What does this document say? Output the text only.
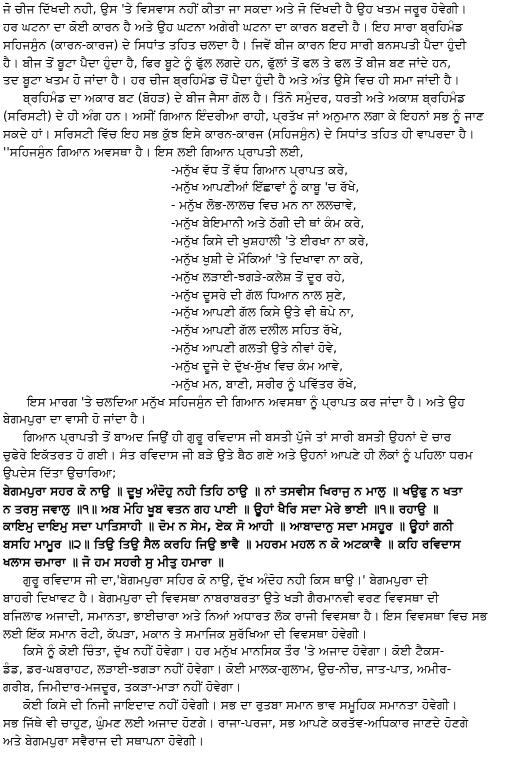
ਜੋ ਚੀਜ ਦਿੱਖਦੀ ਨਹੀ, ਉਸ 'ਤੇ ਵਿਸਵਾਸ ਨਹੀਂ ਕੀਤਾ ਜਾ ਸਕਦਾ ਅਤੇ ਜੋ ਦਿੱਖਦੀ ਹੈ ਉਹ ਖਤਮ ਜਰੂਰ ਹੋਵੇਗੀ।
ਹਰ ਘਟਨਾ ਦਾ ਕੋਈ ਕਾਰਨ ਹੈ ਅਤੇ ਉਹ ਘਟਨਾ ਅਗੇਰੀ ਘਟਨਾ ਦਾ ਕਾਰਨ ਬਣਦੀ ਹੈ। ਇਹ ਸਾਰਾ ਬ੍ਰਹਿਮੰਡ
ਸਹਿਜਸੁੰਨ (ਕਾਰਨ-ਕਾਰਜ) ਦੇ ਸਿਧਾਂਤ ਤਹਿਤ ਚਲਦਾ ਹੈ। ਜਿਵੇਂ ਬੀਜ ਕਾਰਨ ਇਹ ਸਾਰੀ ਬਨਸਪਤੀ ਪੈਦਾ ਹੁੰਦੀ
ਹੈ। ਬੀਜ ਤੋਂ ਬੂਟਾ ਪੈਦਾ ਹੁੰਦਾ ਹੈ, ਫਿਰ ਬੂਟੇ ਨੂੰ ਫੁੱਲ ਲਗਦੇ ਹਨ, ਫੁੱਲਾਂ ਤੋਂ ਫਲ ਤੇ ਫਲ ਤੋਂ ਬੀਜ ਬਣ ਜਾਂਦੇ ਹਨ,
ਤਦ ਬੂਟਾ ਖਤਮ ਹੋ ਜਾਂਦਾ ਹੈ। ਹਰ ਚੀਜ ਬ੍ਰਹਿਮੰਡ ਚੋਂ ਪੈਦਾ ਹੁੰਦੀ ਹੈ ਅਤੇ ਅੰਤ ਉਸੇ ਵਿਚ ਹੀ ਸਮਾ ਜਾਂਦੀ ਹੈ।
ਬ੍ਰਹਿਮੰਡ ਦਾ ਅਕਾਰ ਬਟ (ਬੋਹੜ) ਦੇ ਬੀਜ ਜੈਸਾ ਗੋਲ ਹੈ। ਤਿੰਨੋ ਸਮੁੰਦਰ, ਧਰਤੀ ਅਤੇ ਅਕਾਸ਼ ਬ੍ਰਹਿਮੰਡ
(ਸਰਿਸਟੀ) ਦੇ ਹੀ ਅੰਗ ਹਨ। ਅਸੀਂ ਗਿਆਨ ਇੰਦਰੀਆ ਰਾਹੀ, ਪ੍ਰਤੱਖ ਜਾਂ ਅਨੁਮਾਨ ਲਗਾ ਕੇ ਇਹਨਾਂ ਸਭ ਨੂੰ ਜਾਣ
ਸਕਦੇ ਹਾਂ। ਸਰਿਸਟੀ ਵਿੱਚ ਇਹ ਸਭ ਕੁੱਝ ਇਸੇ ਕਾਰਨ-ਕਾਰਜ (ਸਹਿਜਸੁੰਨ) ਦੇ ਸਿਧਾਂਤ ਤਹਿਤ ਹੀ ਵਾਪਰਦਾ ਹੈ।
''ਸਹਿਜਸੁੰਨ ਗਿਆਨ ਅਵਸਥਾ ਹੈ। ਇਸ ਲਈ ਗਿਆਨ ਪ੍ਰਾਪਤੀ ਲਈ,
-ਮਨੁੱਖ ਵੱਧ ਤੋਂ ਵੱਧ ਗਿਆਨ ਪ੍ਰਾਪਤ ਕਰੇ,
-ਮਨੁੱਖ ਆਪਣੀਆਂ ਇੱਛਾਵਾਂ ਨੂੰ ਕਾਬੂ 'ਚ ਰੱਖੇ,
- ਮਨੁੱਖ ਲੋਭ-ਲਾਲਚ ਵਿਚ ਮਨ ਨਾ ਲਲਚਾਵੇ,
-ਮਨੁੱਖ ਬੇਇਮਾਨੀ ਅਤੇ ਠੱਗੀ ਦੀ ਥਾਂ ਕੰਮ ਕਰੇ,
-ਮਨੁੱਖ ਕਿਸੇ ਦੀ ਖੁਸ਼ਹਾਲੀ 'ਤੇ ਈਰਖਾ ਨਾ ਕਰੇ,
-ਮਨੁੱਖ ਖੁਸ਼ੀ ਦੇ ਮੌਕਿਆਂ 'ਤੇ ਦਿਖਾਵਾ ਨਾ ਕਰੇ,
-ਮਨੁੱਖ ਲੜਾਈ-ਝਗੜੇ-ਕਲੇਸ਼ ਤੋਂ ਦੂਰ ਰਹੇ,
-ਮਨੁੱਖ ਦੂਸਰੇ ਦੀ ਗੱਲ ਧਿਆਨ ਨਾਲ ਸੁਣੇ,
-ਮਨੁੱਖ ਆਪਣੀ ਗੱਲ ਕਿਸੇ ਉਤੇ ਵੀ ਥੋਪੇ ਨਾ,
-ਮਨੁੱਖ ਆਪਣੀ ਗੱਲ ਦਲੀਲ ਸਹਿਤ ਰੱਖੇ,
-ਮਨੁੱਖ ਆਪਣੀ ਗਲਤੀ ਉਤੇ ਨੀਵਾਂ ਹੋਵੇ,
-ਮਨੁੱਖ ਦੂਜੇ ਦੇ ਦੁੱਖ-ਸੁੱਖ ਵਿਚ ਕੰਮ ਆਵੇ,
-ਮਨੁੱਖ ਮਨ, ਬਾਣੀ, ਸਰੀਰ ਨੂੰ ਪਵਿੱਤਰ ਰੱਖੇ,
ਇਸ ਮਾਰਗ 'ਤੇ ਚਲਦਿਆ ਮਨੁੱਖ ਸਹਿਜਸੁੰਨ ਦੀ ਗਿਆਨ ਅਵਸਥਾ ਨੂੰ ਪ੍ਰਾਪਤ ਕਰ ਜਾਂਦਾ ਹੈ। ਅਤੇ ਉਹ
ਬੇਗਮਪੁਰਾ ਦਾ ਵਾਸੀ ਹੋ ਜਾਂਦਾ ਹੈ।
ਗਿਆਨ ਪ੍ਰਾਪਤੀ ਤੋਂ ਬਾਅਦ ਜਿਉਂ ਹੀ ਗੁਰੂ ਰਵਿਦਾਸ ਜੀ ਬਸਤੀ ਪੁੱਜੇ ਤਾਂ ਸਾਰੀ ਬਸਤੀ ਉਹਨਾਂ ਦੇ ਚਾਰ
ਚੁਫੇਰੇ ਇਕੱਤਰਤ ਹੋ ਗਈ। ਸੰਤ ਰਵਿਦਾਸ ਜੀ ਬੜੇ ਉਤੇ ਬੈਠ ਗਏ ਅਤੇ ਉਹਨਾਂ ਆਪਣੇ ਹੀ ਲੋਕਾਂ ਨੂੰ ਪਹਿਲਾ ਧਰਮ
ਉਪਦੇਸ ਦਿੱਤਾ ਉਚਾਰਿਆ;
ਬੇਗਮਪੁਰਾ ਸਹਰ ਕੋ ਨਾਉ ॥ ਦੂਖੁ ਅੰਦੋਹੁ ਨਹੀ ਤਿਹਿ ਠਾਉ ॥ ਨਾਂ ਤਸਵੀਸ ਖਿਰਾਜੁ ਨ ਮਾਲੁ ॥ ਖਉਫੁ ਨ ਖਤਾ
ਨ ਤਰਸੁ ਜਵਾਲੁ ॥੧॥ ਅਬ ਮੋਹਿ ਖੂਬ ਵਤਨ ਗਹ ਪਾਈ ॥ ਊਹਾਂ ਖੈਰਿ ਸਦਾ ਮੇਰੇ ਭਾਈ ॥੧॥ ਰਹਾਉ ॥
ਕਾਇਮੁ ਦਾਇਮੁ ਸਦਾ ਪਾਤਿਸਾਹੀ ॥ ਦੋਮ ਨ ਸੇਮ, ਏਕ ਸੋ ਆਹੀ ॥ ਆਬਾਦਾਨੁ ਸਦਾ ਮਸਹੂਰ ॥ ਊਹਾਂ ਗਨੀ
ਬਸਹਿ ਮਾਮੂਰ ॥੨॥ ਤਿਉ ਤਿਉ ਸੈਲ ਕਰਹਿ ਜਿਉ ਭਾਵੈ ॥ ਮਹਰਮ ਮਹਲ ਨ ਕੋ ਅਟਕਾਵੈ ॥ ਕਹਿ ਰਵਿਦਾਸ
ਖਲਾਸ ਚਮਾਰਾ ॥ ਜੋ ਹਮ ਸਹਰੀ ਸੁ ਮੀਤੁ ਹਮਾਰਾ ॥
ਗੁਰੂ ਰਵਿਦਾਸ ਜੀ ਦਾ,'ਬੇਗਮਪੁਰਾ ਸਹਿਰ ਕੋ ਨਾਉ, ਦੁੱਖ ਅੰਦੋਹ ਨਹੀ ਕਿਸ ਥਾਉ।' ਬੇਗਮਪੁਰਾ ਦੀ
ਬਾਹਰੀ ਦਿਖਾਵਟ ਹੈ। ਬੇਗਮਪੁਰਾ ਦੀ ਵਿਵਸਥਾ ਨਾਬਰਾਬਰਤਾ ਉਤੇ ਖੜੀ ਗੈਰਮਾਨਵੀ ਵਰਣ ਵਿਵਸਥਾ ਦੀ
ਬਜਿਲਾਫ ਅਜਾਦੀ, ਸਮਾਨਤਾ, ਭਾਈਚਾਰਾ ਅਤੇ ਨਿਆਂ ਅਧਾਰਤ ਲੋਕ ਰਾਜੀ ਵਿਵਸਥਾ ਹੈ। ਇਸ ਵਿਵਸਥਾ ਵਿਚ ਸਭ
ਲਈ ਇੱਕ ਸਮਾਨ ਰੋਟੀ, ਕੱਪੜਾ, ਮਕਾਨ ਤੇ ਸਮਾਜਿਕ ਸੁਰੱਖਿਆ ਦੀ ਵਿਵਸਥਾ ਹੋਵੇਗੀ।
ਕਿਸੇ ਨੂੰ ਕੋਈ ਚਿੰਤਾ, ਦੁੱਖ ਨਹੀਂ ਹੋਵੇਗਾ। ਹਰ ਮਨੁੱਖ ਮਾਨਸਿਕ ਤੌਰ 'ਤੇ ਅਜਾਦ ਹੋਵੇਗਾ। ਕੋਈ ਟੈਕਸ-
ਡੰਡ, ਡਰ-ਘਬਰਾਹਟ, ਲੜਾਈ-ਝਗੜਾ ਨਹੀਂ ਹੋਵੇਗਾ। ਕੋਈ ਮਾਲਕ-ਗੁਲਾਮ, ਉਚ-ਨੀਚ, ਜਾਤ-ਪਾਤ, ਅਮੀਰ-
ਗਰੀਬ, ਜਿਮੀਦਾਰ-ਮਜਦੂਰ, ਤਕੜਾ-ਮਾੜਾ ਨਹੀਂ ਹੋਵੇਗਾ।
ਕੋਈ ਕਿਸੇ ਦੀ ਨਿਜੀ ਜਾਇਦਾਦ ਨਹੀਂ ਹੋਵੇਗੀ। ਸਭ ਦਾ ਰੁਤਬਾ ਸਮਾਨ ਭਾਵ ਸਮੂਹਿਕ ਸਮਾਨਤਾ ਹੋਵੇਗੀ।
ਸਭ ਜਿੱਥੇ ਵੀ ਚਾਹੁਣ, ਘੁੰਮਣ ਲਈ ਅਜਾਦ ਹੋਣਗੇ। ਰਾਜਾ-ਪਰਜਾ, ਸਭ ਆਪਣੇ ਕਰਤੱਵ-ਅਧਿਕਾਰ ਜਾਣਦੇ ਹੋਣਗੇ
ਅਤੇ ਬੇਗਮਪੁਰਾ ਸਵੈਰਾਜ ਦੀ ਸਥਾਪਨਾ ਹੋਵੇਗੀ।
